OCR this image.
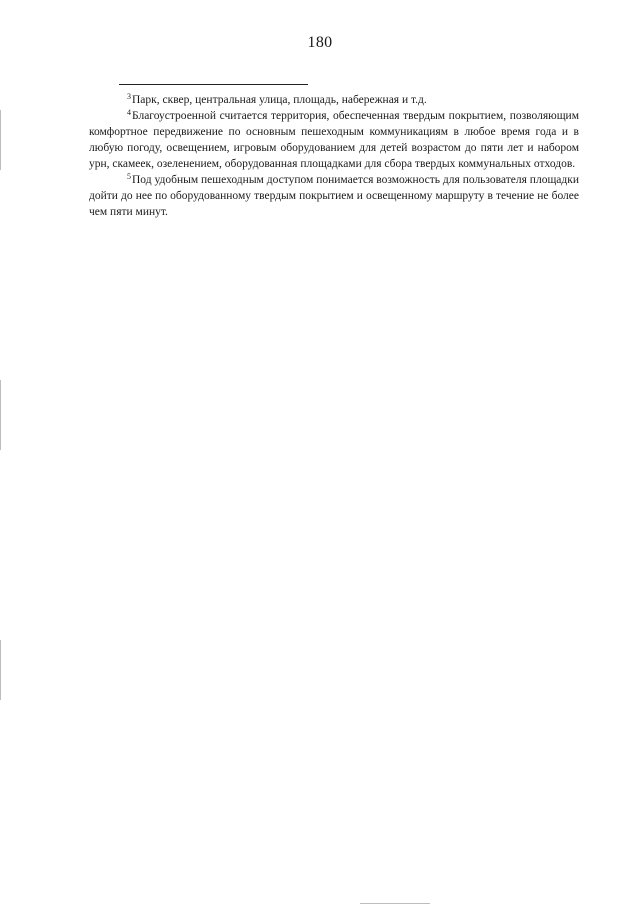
180

$^3$Парк, сквер, центральная улица, площадь, набережная и т.д.

$^4$Благоустроенной считается территория, обеспеченная твердым покрытием, позволяющим комфортное передвижение по основным пешеходным коммуникациям в любое время года и в любую погоду, освещением, игровым оборудованием для детей возрастом до пяти лет и набором урн, скамеек, озеленением, оборудованная площадками для сбора твердых коммунальных отходов.

$^5$Под удобным пешеходным доступом понимается возможность для пользователя площадки дойти до нее по оборудованному твердым покрытием и освещенному маршруту в течение не более чем пяти минут.
